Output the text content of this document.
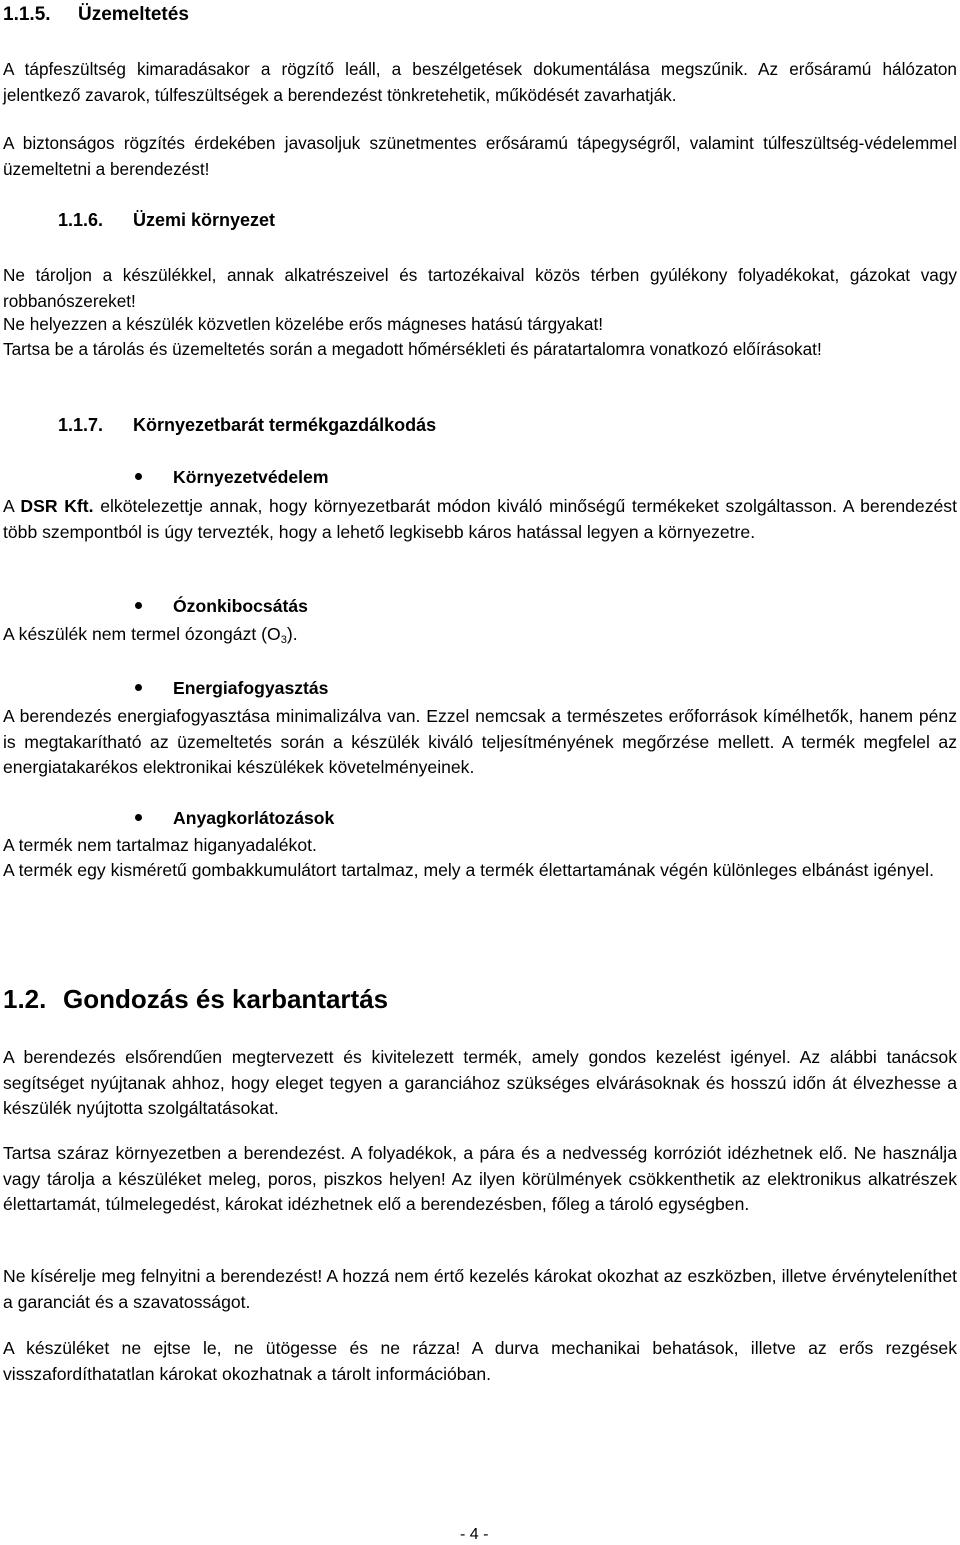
1.1.5. Üzemeltetés
A tápfeszültség kimaradásakor a rögzítő leáll, a beszélgetések dokumentálása megszűnik. Az erősáramú hálózaton jelentkező zavarok, túlfeszültségek a berendezést tönkretehetik, működését zavarhatják.
A biztonságos rögzítés érdekében javasoljuk szünetmentes erősáramú tápegységről, valamint túlfeszültség-védelemmel üzemeltetni a berendezést!
1.1.6. Üzemi környezet
Ne tároljon a készülékkel, annak alkatrészeivel és tartozékaival közös térben gyúlékony folyadékokat, gázokat vagy robbanószereket!
Ne helyezzen a készülék közvetlen közelébe erős mágneses hatású tárgyakat!
Tartsa be a tárolás és üzemeltetés során a megadott hőmérsékleti és páratartalomra vonatkozó előírásokat!
1.1.7. Környezetbarát termékgazdálkodás
Környezetvédelem
A DSR Kft. elkötelezettje annak, hogy környezetbarát módon kiváló minőségű termékeket szolgáltasson. A berendezést több szempontból is úgy tervezték, hogy a lehető legkisebb káros hatással legyen a környezetre.
Ózonkibocsátás
A készülék nem termel ózongázt $(O_3)$.
Energiafogyasztás
A berendezés energiafogyasztása minimalizálva van. Ezzel nemcsak a természetes erőforrások kímélhetők, hanem pénz is megtakarítható az üzemeltetés során a készülék kiváló teljesítményének megőrzése mellett. A termék megfelel az energiatakarékos elektronikai készülékek követelményeinek.
Anyagkorlátozások
A termék nem tartalmaz higanyadalékot.
A termék egy kisméretű gombakkumulátort tartalmaz, mely a termék élettartamának végén különleges elbánást igényel.
1.2. Gondozás és karbantartás
A berendezés elsőrendűen megtervezett és kivitelezett termék, amely gondos kezelést igényel. Az alábbi tanácsok segítséget nyújtanak ahhoz, hogy eleget tegyen a garanciához szükséges elvárásoknak és hosszú időn át élvezhesse a készülék nyújtotta szolgáltatásokat.
Tartsa száraz környezetben a berendezést. A folyadékok, a pára és a nedvesség korróziót idézhetnek elő. Ne használja vagy tárolja a készüléket meleg, poros, piszkos helyen! Az ilyen körülmények csökkenthetik az elektronikus alkatrészek élettartamát, túlmelegedést, károkat idézhetnek elő a berendezésben, főleg a tároló egységben.
Ne kísérelje meg felnyitni a berendezést! A hozzá nem értő kezelés károkat okozhat az eszközben, illetve érvényteleníthet a garanciát és a szavatosságot.
A készüléket ne ejtse le, ne ütögesse és ne rázza! A durva mechanikai behatások, illetve az erős rezgések visszafordíthatatlan károkat okozhatnak a tárolt információban.
- 4 -
